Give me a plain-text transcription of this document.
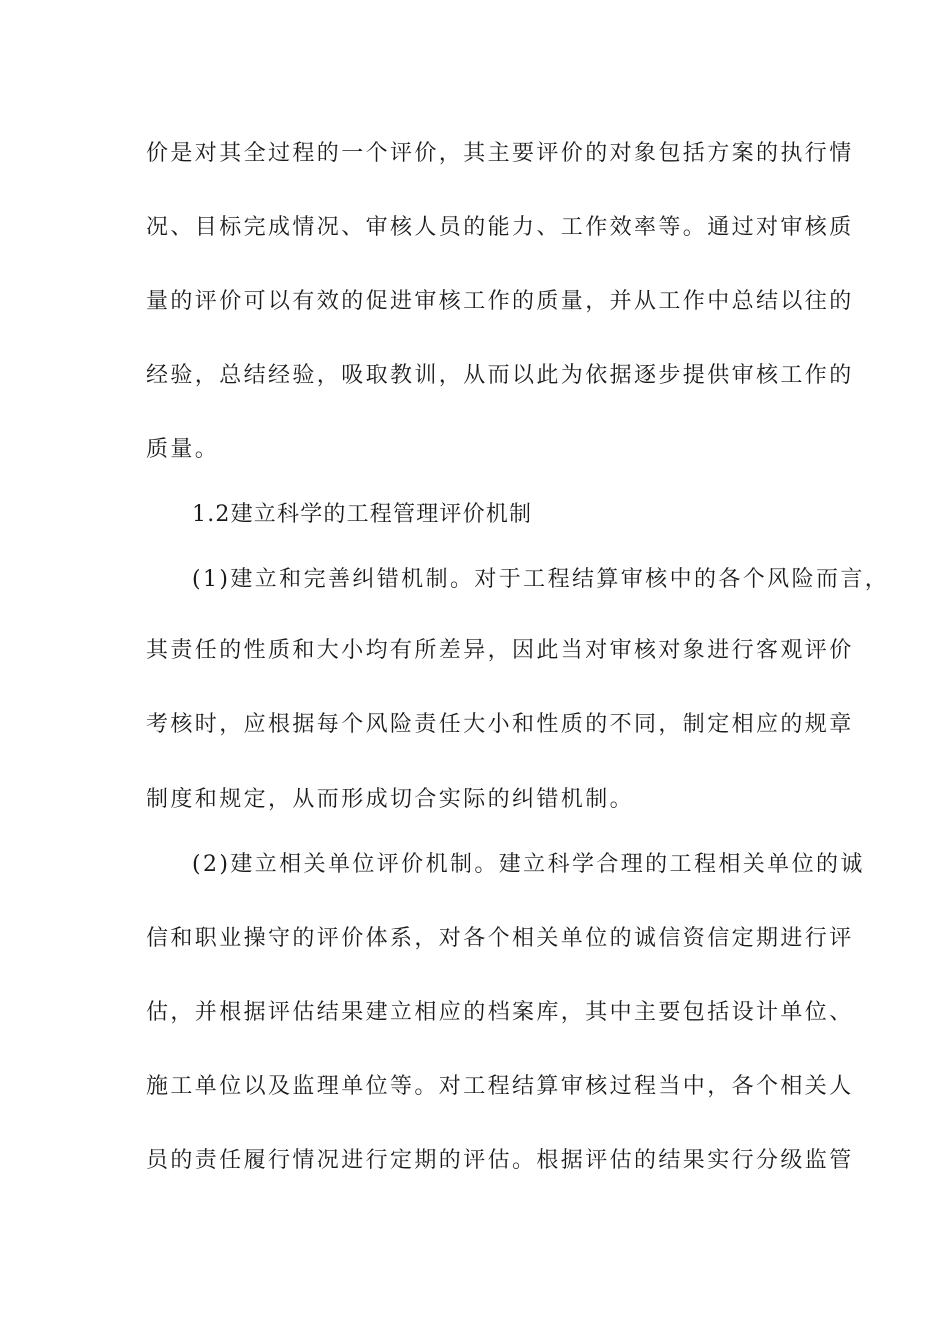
价是对其全过程的一个评价，其主要评价的对象包括方案的执行情
况、目标完成情况、审核人员的能力、工作效率等。通过对审核质
量的评价可以有效的促进审核工作的质量，并从工作中总结以往的
经验，总结经验，吸取教训，从而以此为依据逐步提供审核工作的
质量。
1.2建立科学的工程管理评价机制
(1)建立和完善纠错机制。对于工程结算审核中的各个风险而言，
其责任的性质和大小均有所差异，因此当对审核对象进行客观评价
考核时，应根据每个风险责任大小和性质的不同，制定相应的规章
制度和规定，从而形成切合实际的纠错机制。
(2)建立相关单位评价机制。建立科学合理的工程相关单位的诚
信和职业操守的评价体系，对各个相关单位的诚信资信定期进行评
估，并根据评估结果建立相应的档案库，其中主要包括设计单位、
施工单位以及监理单位等。对工程结算审核过程当中，各个相关人
员的责任履行情况进行定期的评估。根据评估的结果实行分级监管
